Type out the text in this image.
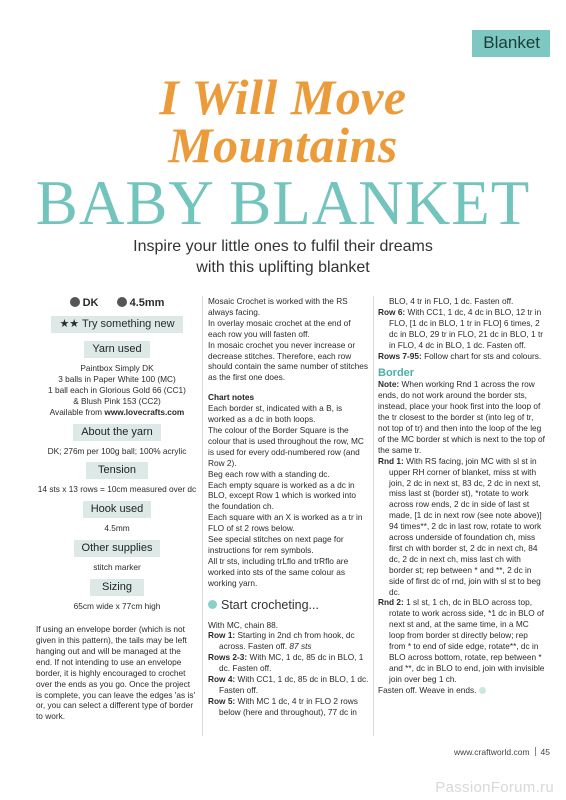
Blanket
I Will Move
Mountains
BABY BLANKET
Inspire your little ones to fulfil their dreams
with this uplifting blanket
DK	4.5mm
★★ Try something new
Yarn used

Paintbox Simply DK

3 balls in Paper White 100 (MC)

1 ball each in Glorious Gold 66 (CC1)

& Blush Pink 153 (CC2)

Available from www.lovecrafts.com

About the yarn
DK; 276m per 100g ball; 100% acrylic
Tension
14 sts x 13 rows = 10cm measured over dc
Hook used
4.5mm
Other supplies
stitch marker
Sizing
65cm wide x 77cm high

If using an envelope border (which is not given in this pattern), the tails may be left hanging out and will be managed at the end. If not intending to use an envelope border, it is highly encouraged to crochet over the ends as you go. Once the project is complete, you can leave the edges 'as is' or, you can select a different type of border to work.

Mosaic Crochet is worked with the RS always facing.

In overlay mosaic crochet at the end of each row you will fasten off.

In mosaic crochet you never increase or decrease stitches. Therefore, each row should contain the same number of stitches as the first one does.

Chart notes

Each border st, indicated with a B, is worked as a dc in both loops.

The colour of the Border Square is the colour that is used throughout the row, MC is used for every odd-numbered row (and Row 2).

Beg each row with a standing dc.

Each empty square is worked as a dc in BLO, except Row 1 which is worked into the foundation ch.

Each square with an X is worked as a tr in FLO of st 2 rows below.

See special stitches on next page for instructions for rem symbols.

All tr sts, including trLflo and trRflo are worked into sts of the same colour as working yarn.

Start crocheting...

With MC, chain 88.

Row 1: Starting in 2nd ch from hook, dc across. Fasten off. 87 sts

Rows 2-3: With MC, 1 dc, 85 dc in BLO, 1 dc. Fasten off.

Row 4: With CC1, 1 dc, 85 dc in BLO, 1 dc. Fasten off.

Row 5: With MC 1 dc, 4 tr in FLO 2 rows below (here and throughout), 77 dc in

BLO, 4 tr in FLO, 1 dc. Fasten off.

Row 6: With CC1, 1 dc, 4 dc in BLO, 12 tr in FLO, [1 dc in BLO, 1 tr in FLO] 6 times, 2 dc in BLO, 29 tr in FLO, 21 dc in BLO, 1 tr in FLO, 4 dc in BLO, 1 dc. Fasten off.

Rows 7-95: Follow chart for sts and colours.

Border

Note: When working Rnd 1 across the row ends, do not work around the border sts, instead, place your hook first into the loop of the tr closest to the border st (into leg of tr, not top of tr) and then into the loop of the leg of the MC border st which is next to the top of the same tr.

Rnd 1: With RS facing, join MC with sl st in upper RH corner of blanket, miss st with join, 2 dc in next st, 83 dc, 2 dc in next st, miss last st (border st), *rotate to work across row ends, 2 dc in side of last st made, [1 dc in next row (see note above)] 94 times**, 2 dc in last row, rotate to work across underside of foundation ch, miss first ch with border st, 2 dc in next ch, 84 dc, 2 dc in next ch, miss last ch with border st; rep between * and **, 2 dc in side of first dc of rnd, join with sl st to beg dc.

Rnd 2: 1 sl st, 1 ch, dc in BLO across top, rotate to work across side, *1 dc in BLO of next st and, at the same time, in a MC loop from border st directly below; rep from * to end of side edge, rotate**, dc in BLO across bottom, rotate, rep between * and **, dc in BLO to end, join with invisible join over beg 1 ch.

Fasten off. Weave in ends.

www.craftworld.com 45
PassionForum.ru
